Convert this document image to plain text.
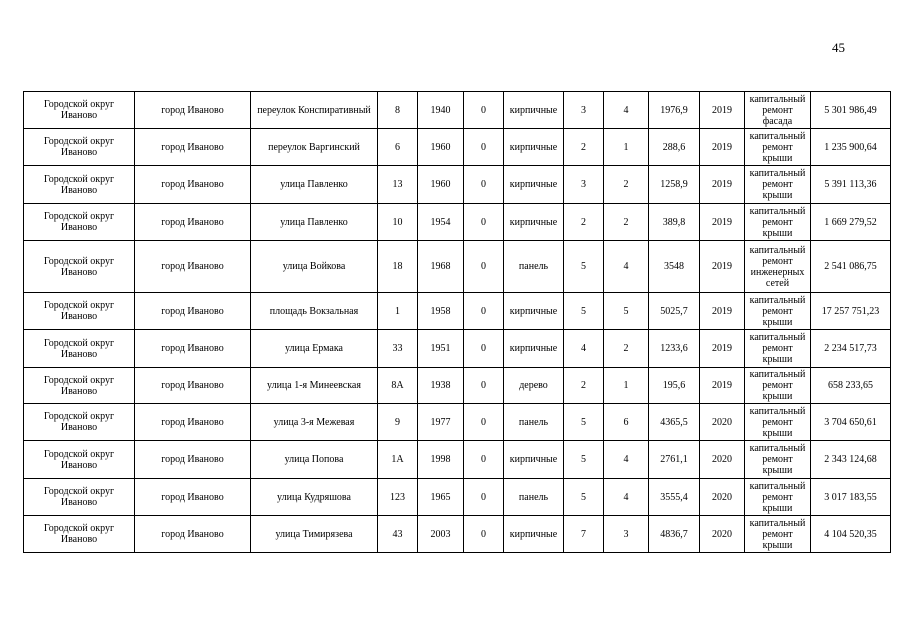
45
Городской округ Иваново	город Иваново	переулок Конспиративный	8	1940	0	кирпичные	3	4	1976,9	2019	капитальный ремонт фасада	5 301 986,49
Городской округ Иваново	город Иваново	переулок Варгинский	6	1960	0	кирпичные	2	1	288,6	2019	капитальный ремонт крыши	1 235 900,64
Городской округ Иваново	город Иваново	улица Павленко	13	1960	0	кирпичные	3	2	1258,9	2019	капитальный ремонт крыши	5 391 113,36
Городской округ Иваново	город Иваново	улица Павленко	10	1954	0	кирпичные	2	2	389,8	2019	капитальный ремонт крыши	1 669 279,52
Городской округ Иваново	город Иваново	улица Войкова	18	1968	0	панель	5	4	3548	2019	капитальный ремонт инженерных сетей	2 541 086,75
Городской округ Иваново	город Иваново	площадь Вокзальная	1	1958	0	кирпичные	5	5	5025,7	2019	капитальный ремонт крыши	17 257 751,23
Городской округ Иваново	город Иваново	улица Ермака	33	1951	0	кирпичные	4	2	1233,6	2019	капитальный ремонт крыши	2 234 517,73
Городской округ Иваново	город Иваново	улица 1-я Минеевская	8А	1938	0	дерево	2	1	195,6	2019	капитальный ремонт крыши	658 233,65
Городской округ Иваново	город Иваново	улица 3-я Межевая	9	1977	0	панель	5	6	4365,5	2020	капитальный ремонт крыши	3 704 650,61
Городской округ Иваново	город Иваново	улица Попова	1А	1998	0	кирпичные	5	4	2761,1	2020	капитальный ремонт крыши	2 343 124,68
Городской округ Иваново	город Иваново	улица Кудряшова	123	1965	0	панель	5	4	3555,4	2020	капитальный ремонт крыши	3 017 183,55
Городской округ Иваново	город Иваново	улица Тимирязева	43	2003	0	кирпичные	7	3	4836,7	2020	капитальный ремонт крыши	4 104 520,35
